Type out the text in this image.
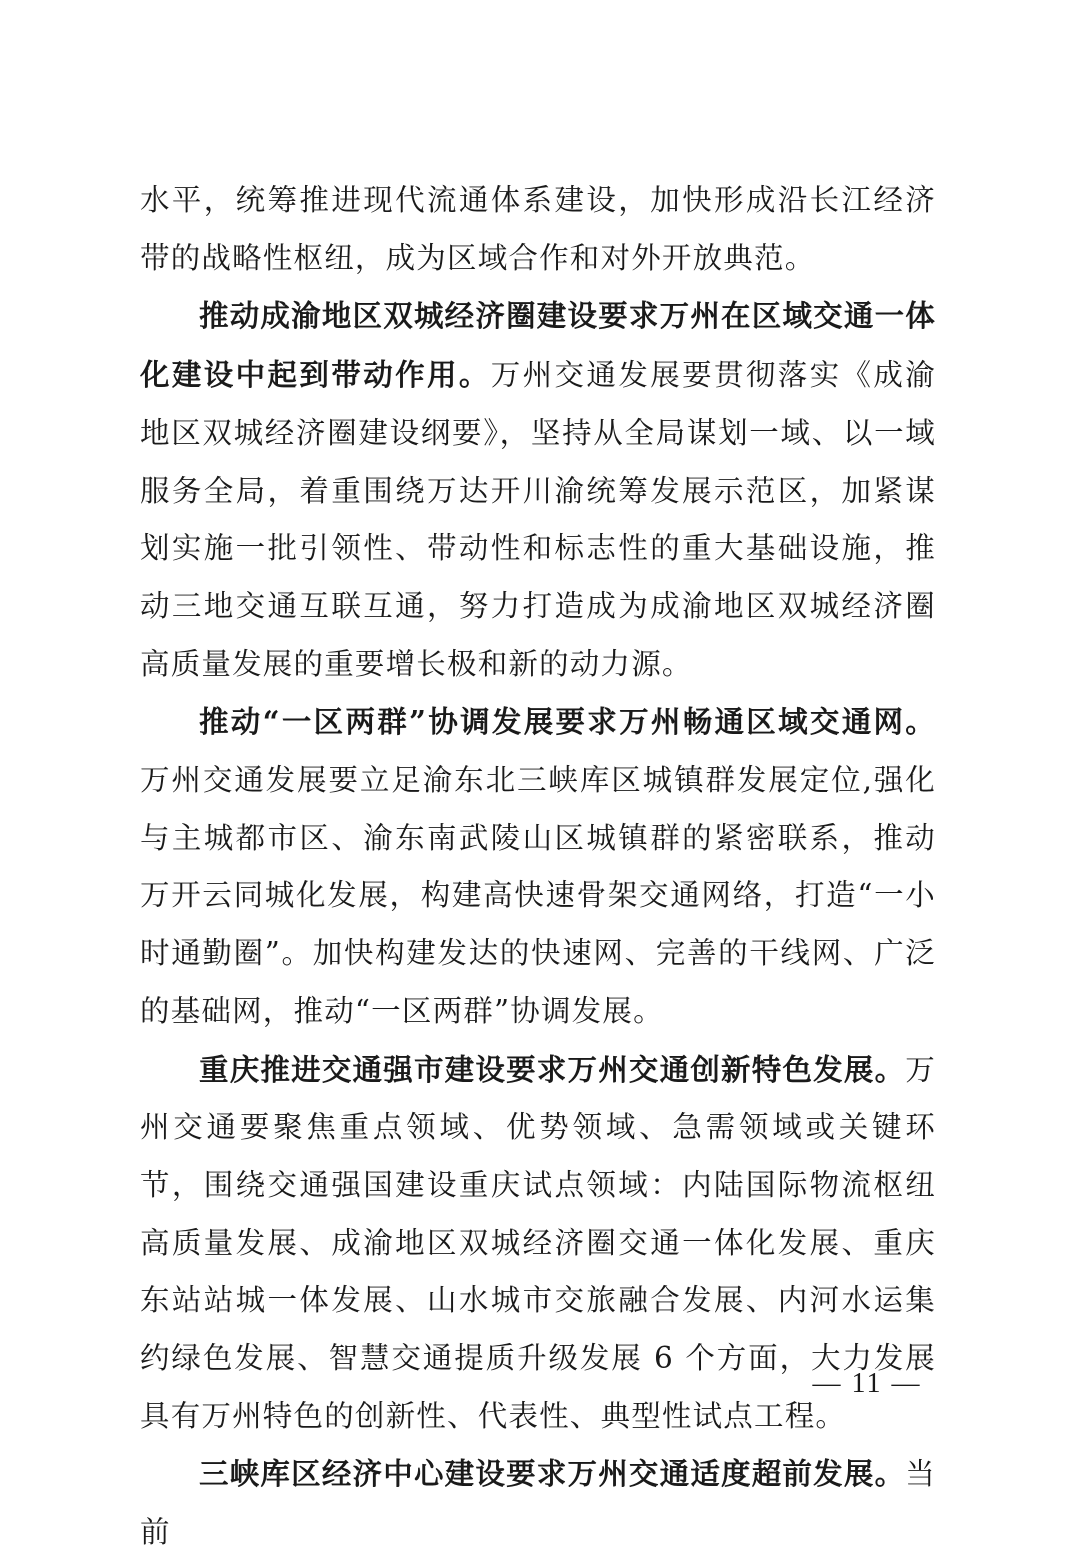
水平，统筹推进现代流通体系建设，加快形成沿长江经济带的战略性枢纽，成为区域合作和对外开放典范。

推动成渝地区双城经济圈建设要求万州在区域交通一体化建设中起到带动作用。万州交通发展要贯彻落实《成渝地区双城经济圈建设纲要》，坚持从全局谋划一域、以一域服务全局，着重围绕万达开川渝统筹发展示范区，加紧谋划实施一批引领性、带动性和标志性的重大基础设施，推动三地交通互联互通，努力打造成为成渝地区双城经济圈高质量发展的重要增长极和新的动力源。

推动“一区两群”协调发展要求万州畅通区域交通网。万州交通发展要立足渝东北三峡库区城镇群发展定位,强化与主城都市区、渝东南武陵山区城镇群的紧密联系，推动万开云同城化发展，构建高快速骨架交通网络，打造“一小时通勤圈”。加快构建发达的快速网、完善的干线网、广泛的基础网，推动“一区两群”协调发展。

重庆推进交通强市建设要求万州交通创新特色发展。万州交通要聚焦重点领域、优势领域、急需领域或关键环节，围绕交通强国建设重庆试点领域：内陆国际物流枢纽高质量发展、成渝地区双城经济圈交通一体化发展、重庆东站站城一体发展、山水城市交旅融合发展、内河水运集约绿色发展、智慧交通提质升级发展 6 个方面，大力发展具有万州特色的创新性、代表性、典型性试点工程。

三峡库区经济中心建设要求万州交通适度超前发展。当前

— 11 —
